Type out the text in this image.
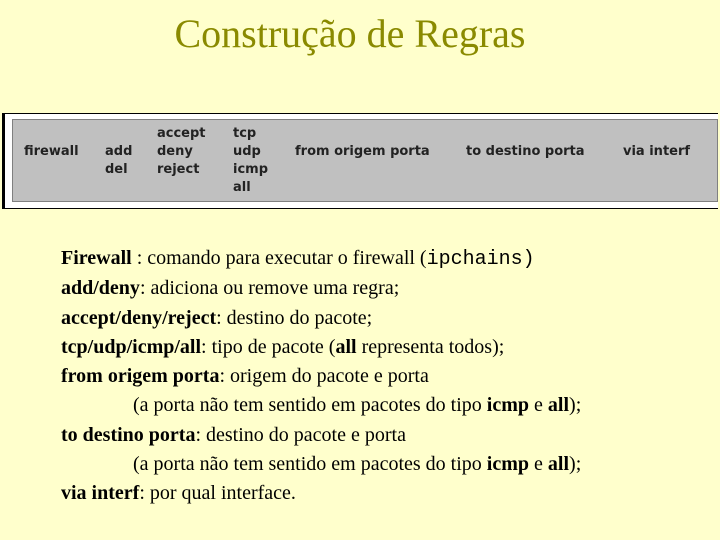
Construção de Regras
firewall add
del
accept
deny
reject
tcp
udp
icmp
all
from origem porta	to destino porta	via interf
Firewall : comando para executar o firewall (ipchains)
add/deny: adiciona ou remove uma regra;
accept/deny/reject: destino do pacote;
tcp/udp/icmp/all: tipo de pacote (all representa todos);
from origem porta: origem do pacote e porta
(a porta não tem sentido em pacotes do tipo icmp e all);
to destino porta: destino do pacote e porta
(a porta não tem sentido em pacotes do tipo icmp e all);
via interf: por qual interface.
